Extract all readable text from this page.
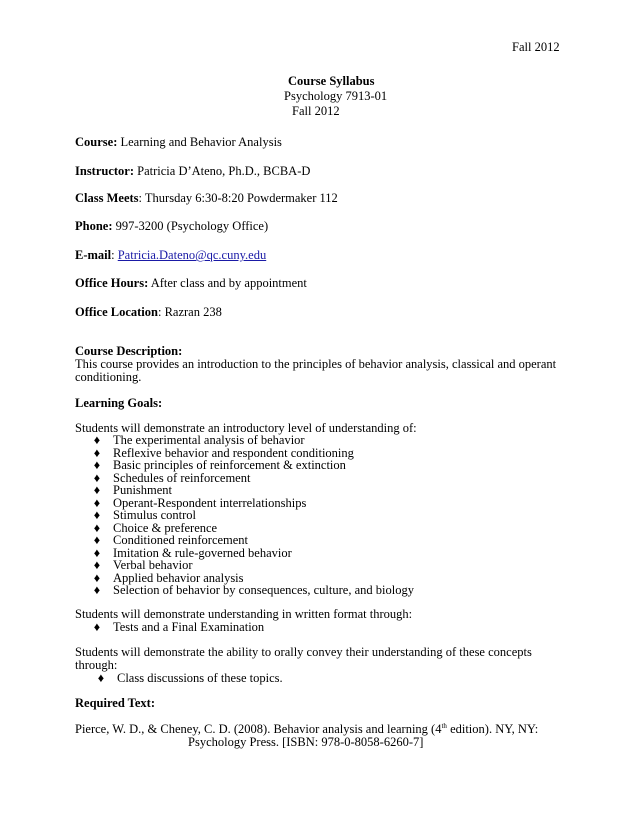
Fall 2012
Course Syllabus
Psychology 7913-01
Fall 2012
Course: Learning and Behavior Analysis
Instructor: Patricia D’Ateno, Ph.D., BCBA-D
Class Meets: Thursday 6:30-8:20 Powdermaker 112
Phone: 997-3200 (Psychology Office)
E-mail: Patricia.Dateno@qc.cuny.edu
Office Hours: After class and by appointment
Office Location: Razran 238
Course Description:
This course provides an introduction to the principles of behavior analysis, classical and operant
conditioning.
Learning Goals:
Students will demonstrate an introductory level of understanding of:
♦ The experimental analysis of behavior
♦ Reflexive behavior and respondent conditioning
♦ Basic principles of reinforcement & extinction
♦ Schedules of reinforcement
♦ Punishment
♦ Operant-Respondent interrelationships
♦ Stimulus control
♦ Choice & preference
♦ Conditioned reinforcement
♦ Imitation & rule-governed behavior
♦ Verbal behavior
♦ Applied behavior analysis
♦ Selection of behavior by consequences, culture, and biology
Students will demonstrate understanding in written format through:
♦ Tests and a Final Examination
Students will demonstrate the ability to orally convey their understanding of these concepts
through:
♦ Class discussions of these topics.
Required Text:
Pierce, W. D., & Cheney, C. D. (2008). Behavior analysis and learning (4th edition). NY, NY:
Psychology Press. [ISBN: 978-0-8058-6260-7]
